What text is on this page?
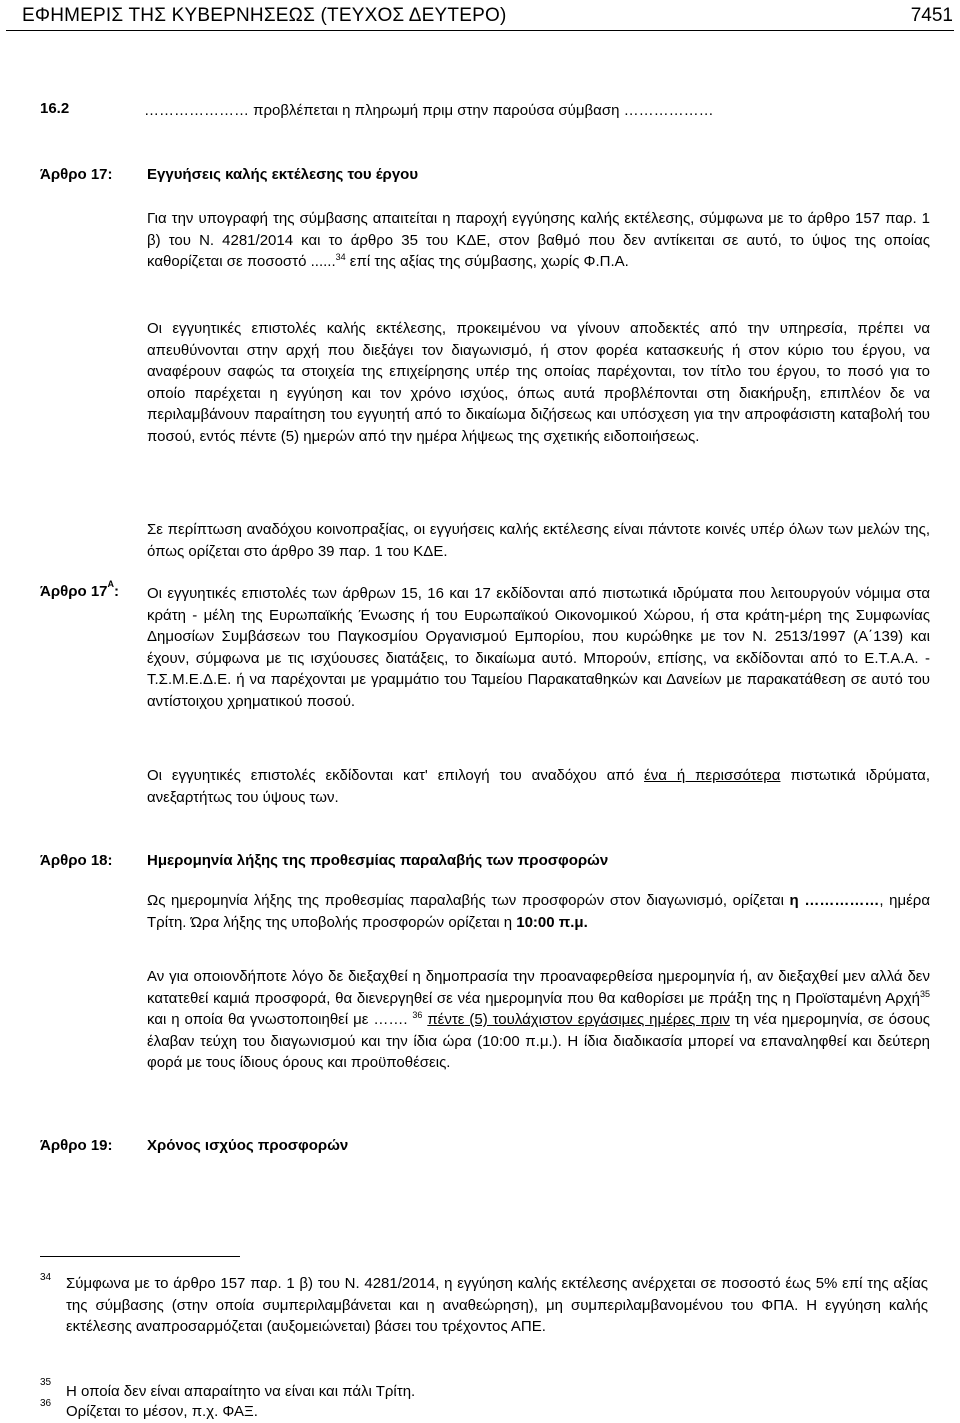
ΕΦΗΜΕΡΙΣ ΤΗΣ ΚΥΒΕΡΝΗΣΕΩΣ (ΤΕΥΧΟΣ ΔΕΥΤΕΡΟ)	7451
16.2	………………… προβλέπεται η πληρωμή πριμ στην παρούσα σύμβαση ………………
Άρθρο 17: Εγγυήσεις καλής εκτέλεσης του έργου
Για την υπογραφή της σύμβασης απαιτείται η παροχή εγγύησης καλής εκτέλεσης, σύμφωνα με το άρθρο 157 παρ. 1 β) του Ν. 4281/2014 και το άρθρο 35 του ΚΔΕ, στον βαθμό που δεν αντίκειται σε αυτό, το ύψος της οποίας καθορίζεται σε ποσοστό ......$^{34}$ επί της αξίας της σύμβασης, χωρίς Φ.Π.Α.
Οι εγγυητικές επιστολές καλής εκτέλεσης, προκειμένου να γίνουν αποδεκτές από την υπηρεσία, πρέπει να απευθύνονται στην αρχή που διεξάγει τον διαγωνισμό, ή στον φορέα κατασκευής ή στον κύριο του έργου, να αναφέρουν σαφώς τα στοιχεία της επιχείρησης υπέρ της οποίας παρέχονται, τον τίτλο του έργου, το ποσό για το οποίο παρέχεται η εγγύηση και τον χρόνο ισχύος, όπως αυτά προβλέπονται στη διακήρυξη, επιπλέον δε να περιλαμβάνουν παραίτηση του εγγυητή από το δικαίωμα διζήσεως και υπόσχεση για την απροφάσιστη καταβολή του ποσού, εντός πέντε (5) ημερών από την ημέρα λήψεως της σχετικής ειδοποιήσεως.
Σε περίπτωση αναδόχου κοινοπραξίας, οι εγγυήσεις καλής εκτέλεσης είναι πάντοτε κοινές υπέρ όλων των μελών της, όπως ορίζεται στο άρθρο 39 παρ. 1 του ΚΔΕ.
Άρθρο $17^A$: Οι εγγυητικές επιστολές των άρθρων 15, 16 και 17 εκδίδονται από πιστωτικά ιδρύματα που λειτουργούν νόμιμα στα κράτη - μέλη της Ευρωπαϊκής Ένωσης ή του Ευρωπαϊκού Οικονομικού Χώρου, ή στα κράτη-μέρη της Συμφωνίας Δημοσίων Συμβάσεων του Παγκοσμίου Οργανισμού Εμπορίου, που κυρώθηκε με τον Ν. 2513/1997 (Α΄139) και έχουν, σύμφωνα με τις ισχύουσες διατάξεις, το δικαίωμα αυτό. Μπορούν, επίσης, να εκδίδονται από το Ε.Τ.Α.Α. - Τ.Σ.Μ.Ε.Δ.Ε. ή να παρέχονται με γραμμάτιο του Ταμείου Παρακαταθηκών και Δανείων με παρακατάθεση σε αυτό του αντίστοιχου χρηματικού ποσού.
Οι εγγυητικές επιστολές εκδίδονται κατ' επιλογή του αναδόχου από ένα ή περισσότερα πιστωτικά ιδρύματα, ανεξαρτήτως του ύψους των.
Άρθρο 18: Ημερομηνία λήξης της προθεσμίας παραλαβής των προσφορών
Ως ημερομηνία λήξης της προθεσμίας παραλαβής των προσφορών στον διαγωνισμό, ορίζεται η ……………, ημέρα Τρίτη. Ώρα λήξης της υποβολής προσφορών ορίζεται η 10:00 π.μ.
Αν για οποιονδήποτε λόγο δε διεξαχθεί η δημοπρασία την προαναφερθείσα ημερομηνία ή, αν διεξαχθεί μεν αλλά δεν κατατεθεί καμιά προσφορά, θα διενεργηθεί σε νέα ημερομηνία που θα καθορίσει με πράξη της η Προϊσταμένη Αρχή$^{35}$ και η οποία θα γνωστοποιηθεί με ……. $^{36}$ πέντε (5) τουλάχιστον εργάσιμες ημέρες πριν τη νέα ημερομηνία, σε όσους έλαβαν τεύχη του διαγωνισμού και την ίδια ώρα (10:00 π.μ.). Η ίδια διαδικασία μπορεί να επαναληφθεί και δεύτερη φορά με τους ίδιους όρους και προϋποθέσεις.
Άρθρο 19: Χρόνος ισχύος προσφορών
34 Σύμφωνα με το άρθρο 157 παρ. 1 β) του Ν. 4281/2014, η εγγύηση καλής εκτέλεσης ανέρχεται σε ποσοστό έως 5% επί της αξίας της σύμβασης (στην οποία συμπεριλαμβάνεται και η αναθεώρηση), μη συμπεριλαμβανομένου του ΦΠΑ. Η εγγύηση καλής εκτέλεσης αναπροσαρμόζεται (αυξομειώνεται) βάσει του τρέχοντος ΑΠΕ.
35
Η οποία δεν είναι απαραίτητο να είναι και πάλι Τρίτη.
36 Ορίζεται το μέσον, π.χ. ΦΑΞ.
